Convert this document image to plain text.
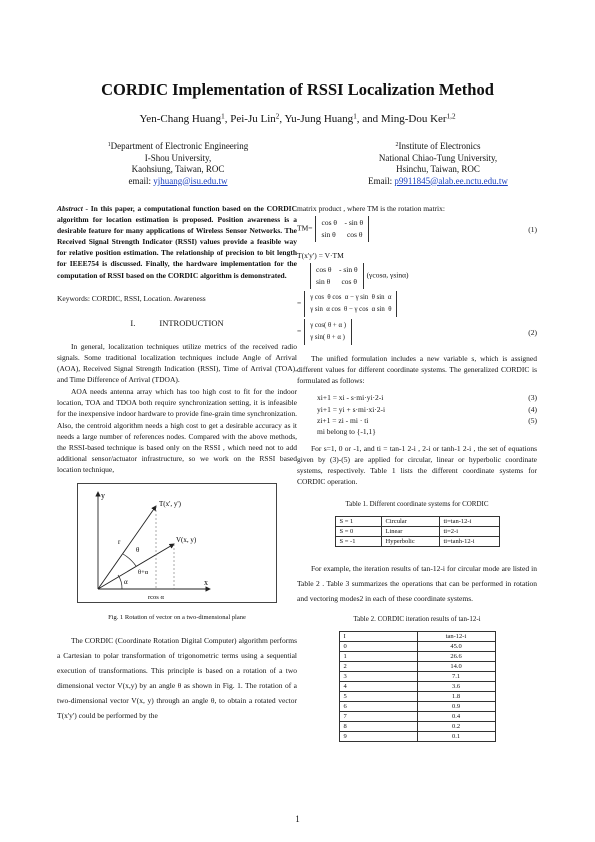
CORDIC Implementation of RSSI Localization Method
Yen-Chang Huang$^1$, Pei-Ju Lin$^2$, Yu-Jung Huang$^1$, and Ming-Dou Ker$^{1,2}$
$^1$Department of Electronic Engineering
I-Shou University,
Kaohsiung, Taiwan, ROC
email: yjhuang@isu.edu.tw
$^2$Institute of Electronics
National Chiao-Tung University,
Hsinchu, Taiwan, ROC
Email: p9911845@alab.ee.nctu.edu.tw
Abstract - In this paper, a computational function based on the CORDIC algorithm for location estimation is proposed. Position awareness is a desirable feature for many applications of Wireless Sensor Networks. The Received Signal Strength Indicator (RSSI) values provide a feasible way for relative position estimation. The relationship of precision to bit length for IEEE754 is discussed. Finally, the hardware implementation for the computation of RSSI based on the CORDIC algorithm is demonstrated.
Keywords: CORDIC, RSSI, Location. Awareness
I.	INTRODUCTION
In general, localization techniques utilize metrics of the received radio signals. Some traditional localization techniques include Angle of Arrival (AOA), Received Signal Strength Indication (RSSI), Time of Arrival (TOA), and Time Difference of Arrival (TDOA).
AOA needs antenna array which has too high cost to fit for the indoor location, TOA and TDOA both require synchronization setting, it is infeasible for the inexpensive indoor hardware to provide fine-grain time synchronization. Also, the centroid algorithm needs a high cost to get a desirable accuracy as it needs a large number of references nodes. Compared with the above methods, the RSSI-based technique is based only on the RSSI , which need not to add additional sensor/actuator infrastructure, so we work on the RSSI based location technique,
y
x
T(x', y')
V(x, y)
θ
α
θ+α
r
rcos α
Fig. 1 Rotation of vector on a two-dimensional plane
The CORDIC (Coordinate Rotation Digital Computer) algorithm performs a Cartesian to polar transformation of trigonometric terms using a sequential execution of transformations. This principle is based on a rotation of a two dimensional vector V(x,y) by an angle θ as shown in Fig. 1. The rotation of a two-dimensional vector V(x, y) through an angle θ, to obtain a rotated vector T(x'y') could be performed by the
matrix product , where TM is the rotation matrix:
TM=
cos θ    - sin θ
sin θ      cos θ
(1)
T(x'y') = V·TM
cos θ    - sin θ
sin θ      cos θ
(γcosα, γsinα)
=
γ cos  θ cos  α − γ sin  θ sin  α
γ sin  α cos  θ − γ cos  α sin  θ
=
γ cos( θ + α )
γ sin( θ + α )
(2)
The unified formulation includes a new variable s, which is assigned different values for different coordinate systems. The generalized CORDIC is formulated as follows:
xi+1 = xi - s·mi·yi·2-i	(3)
yi+1 = yi + s·mi·xi·2-i	(4)
zi+1 = zi - mi · ti	(5)
mi belong to {-1,1}
For s=1, 0 or -1, and ti = tan-1 2-i , 2-i or tanh-1 2-i , the set of equations given by (3)-(5) are applied for circular, linear or hyperbolic coordinate systems, respectively. Table 1 lists the different coordinate systems for CORDIC operation.
Table 1. Different coordinate systems for CORDIC
S = 1	Circular	ti=tan-12-i
S = 0	Linear	ti=2-i
S = -1	Hyperbolic	ti=tanh-12-i
For example, the iteration results of tan-12-i for circular mode are listed in Table 2 . Table 3 summarizes the operations that can be performed in rotation and vectoring modes2 in each of these coordinate systems.
Table 2. CORDIC iteration results of tan-12-i
I	tan-12-i
0	45.0
1	26.6
2	14.0
3	7.1
4	3.6
5	1.8
6	0.9
7	0.4
8	0.2
9	0.1
1
